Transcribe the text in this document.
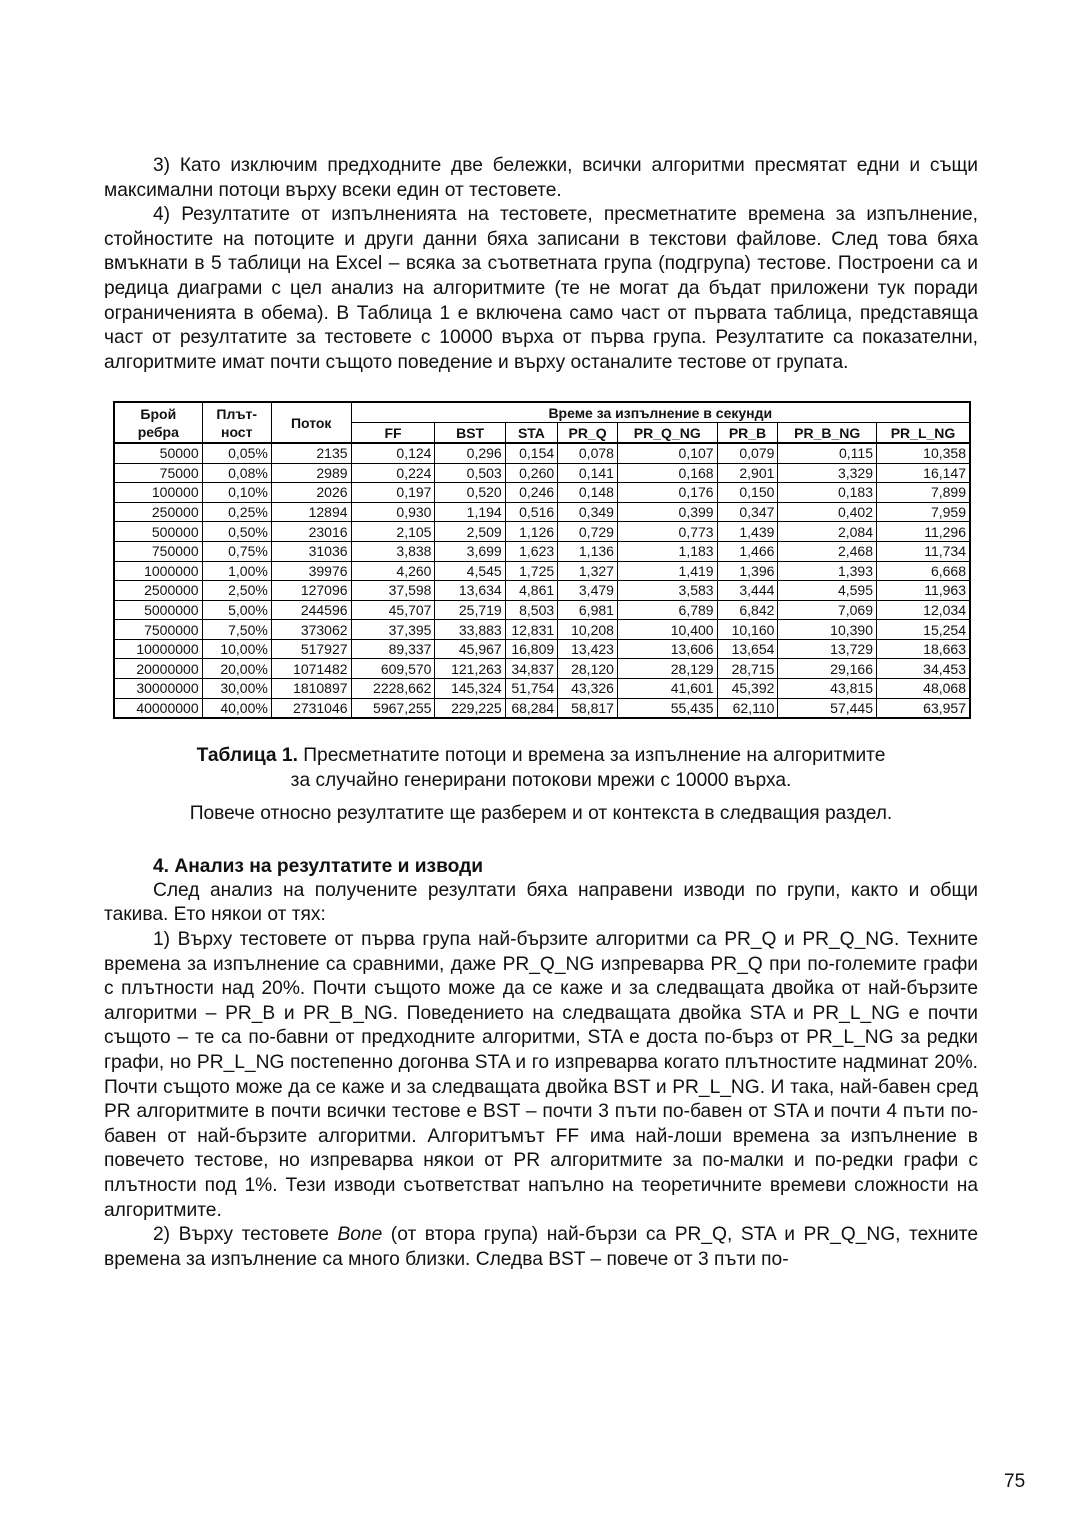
3) Като изключим предходните две бележки, всички алгоритми пресмятат едни и същи максимални потоци върху всеки един от тестовете.

4) Резултатите от изпълненията на тестовете, пресметнатите времена за изпълнение, стойностите на потоците и други данни бяха записани в текстови файлове. След това бяха вмъкнати в 5 таблици на Excel – всяка за съответната група (подгрупа) тестове. Построени са и редица диаграми с цел анализ на алгоритмите (те не могат да бъдат приложени тук поради ограниченията в обема). В Таблица 1 е включена само част от първата таблица, представяща част от резултатите за тестовете с 10000 върха от първа група. Резултатите са показателни, алгоритмите имат почти същото поведение и върху останалите тестове от групата.

Брой ребра	Плът-ност	Поток	Време за изпълнение в секунди							
			FF	BST	STA	PR_Q	PR_Q_NG	PR_B	PR_B_NG	PR_L_NG
50000	0,05%	2135	0,124	0,296	0,154	0,078	0,107	0,079	0,115	10,358
75000	0,08%	2989	0,224	0,503	0,260	0,141	0,168	2,901	3,329	16,147
100000	0,10%	2026	0,197	0,520	0,246	0,148	0,176	0,150	0,183	7,899
250000	0,25%	12894	0,930	1,194	0,516	0,349	0,399	0,347	0,402	7,959
500000	0,50%	23016	2,105	2,509	1,126	0,729	0,773	1,439	2,084	11,296
750000	0,75%	31036	3,838	3,699	1,623	1,136	1,183	1,466	2,468	11,734
1000000	1,00%	39976	4,260	4,545	1,725	1,327	1,419	1,396	1,393	6,668
2500000	2,50%	127096	37,598	13,634	4,861	3,479	3,583	3,444	4,595	11,963
5000000	5,00%	244596	45,707	25,719	8,503	6,981	6,789	6,842	7,069	12,034
7500000	7,50%	373062	37,395	33,883	12,831	10,208	10,400	10,160	10,390	15,254
10000000	10,00%	517927	89,337	45,967	16,809	13,423	13,606	13,654	13,729	18,663
20000000	20,00%	1071482	609,570	121,263	34,837	28,120	28,129	28,715	29,166	34,453
30000000	30,00%	1810897	2228,662	145,324	51,754	43,326	41,601	45,392	43,815	48,068
40000000	40,00%	2731046	5967,255	229,225	68,284	58,817	55,435	62,110	57,445	63,957
Таблица 1. Пресметнатите потоци и времена за изпълнение на алгоритмите
за случайно генерирани потокови мрежи с 10000 върха.

Повече относно резултатите ще разберем и от контекста в следващия раздел.

4. Анализ на резултатите и изводи

След анализ на получените резултати бяха направени изводи по групи, както и общи такива. Ето някои от тях:

1) Върху тестовете от първа група най-бързите алгоритми са PR_Q и PR_Q_NG. Техните времена за изпълнение са сравними, даже PR_Q_NG изпреварва PR_Q при по-големите графи с плътности над 20%. Почти същото може да се каже и за следващата двойка от най-бързите алгоритми – PR_B и PR_B_NG. Поведението на следващата двойка STA и PR_L_NG е почти същото – те са по-бавни от предходните алгоритми, STA е доста по-бърз от PR_L_NG за редки графи, но PR_L_NG постепенно догонва STA и го изпреварва когато плътностите надминат 20%. Почти същото може да се каже и за следващата двойка BST и PR_L_NG. И така, най-бавен сред PR алгоритмите в почти всички тестове е BST – почти 3 пъти по-бавен от STA и почти 4 пъти по-бавен от най-бързите алгоритми. Алгоритъмът FF има най-лоши времена за изпълнение в повечето тестове, но изпреварва някои от PR алгоритмите за по-малки и по-редки графи с плътности под 1%. Тези изводи съответстват напълно на теоретичните времеви сложности на алгоритмите.

2) Върху тестовете Bone (от втора група) най-бързи са PR_Q, STA и PR_Q_NG, техните времена за изпълнение са много близки. Следва BST – повече от 3 пъти по-

75
